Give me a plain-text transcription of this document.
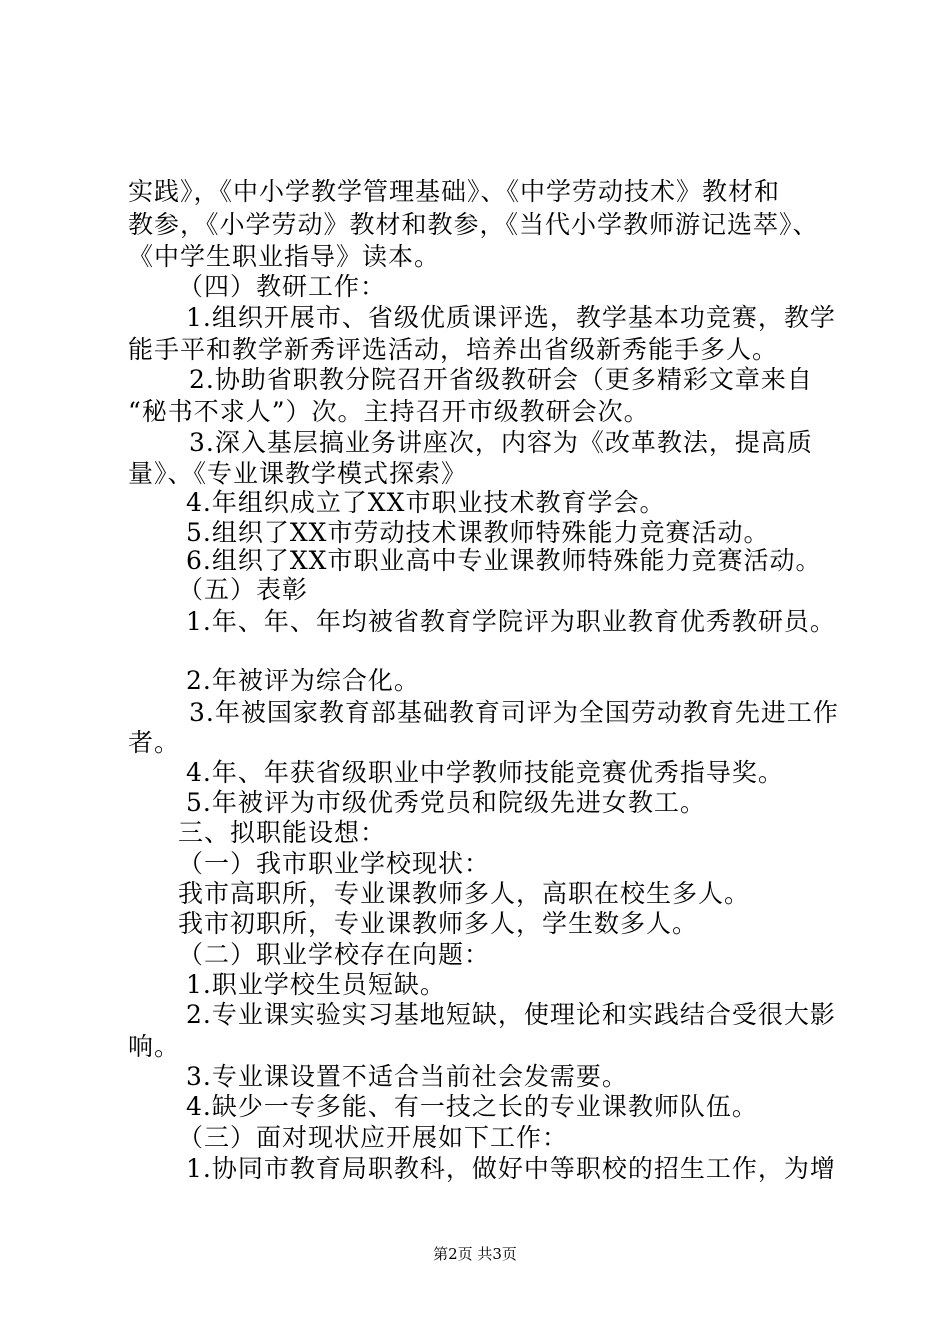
实践》，《中小学教学管理基础》、《中学劳动技术》教材和
教参，《小学劳动》教材和教参，《当代小学教师游记选萃》、
《中学生职业指导》读本。
（四）教研工作：
1.组织开展市、省级优质课评选，教学基本功竞赛，教学
能手平和教学新秀评选活动，培养出省级新秀能手多人。
2.协助省职教分院召开省级教研会（更多精彩文章来自
“秘书不求人”）次。主持召开市级教研会次。
3.深入基层搞业务讲座次，内容为《改革教法，提高质
量》、《专业课教学模式探索》
4.年组织成立了XX市职业技术教育学会。
5.组织了XX市劳动技术课教师特殊能力竞赛活动。
6.组织了XX市职业高中专业课教师特殊能力竞赛活动。
（五）表彰
1.年、年、年均被省教育学院评为职业教育优秀教研员。
2.年被评为综合化。
3.年被国家教育部基础教育司评为全国劳动教育先进工作
者。
4.年、年获省级职业中学教师技能竞赛优秀指导奖。
5.年被评为市级优秀党员和院级先进女教工。
三、拟职能设想：
（一）我市职业学校现状：
我市高职所，专业课教师多人，高职在校生多人。
我市初职所，专业课教师多人，学生数多人。
（二）职业学校存在向题：
1.职业学校生员短缺。
2.专业课实验实习基地短缺，使理论和实践结合受很大影
响。
3.专业课设置不适合当前社会发需要。
4.缺少一专多能、有一技之长的专业课教师队伍。
（三）面对现状应开展如下工作：
1.协同市教育局职教科，做好中等职校的招生工作，为增
第2页 共3页
